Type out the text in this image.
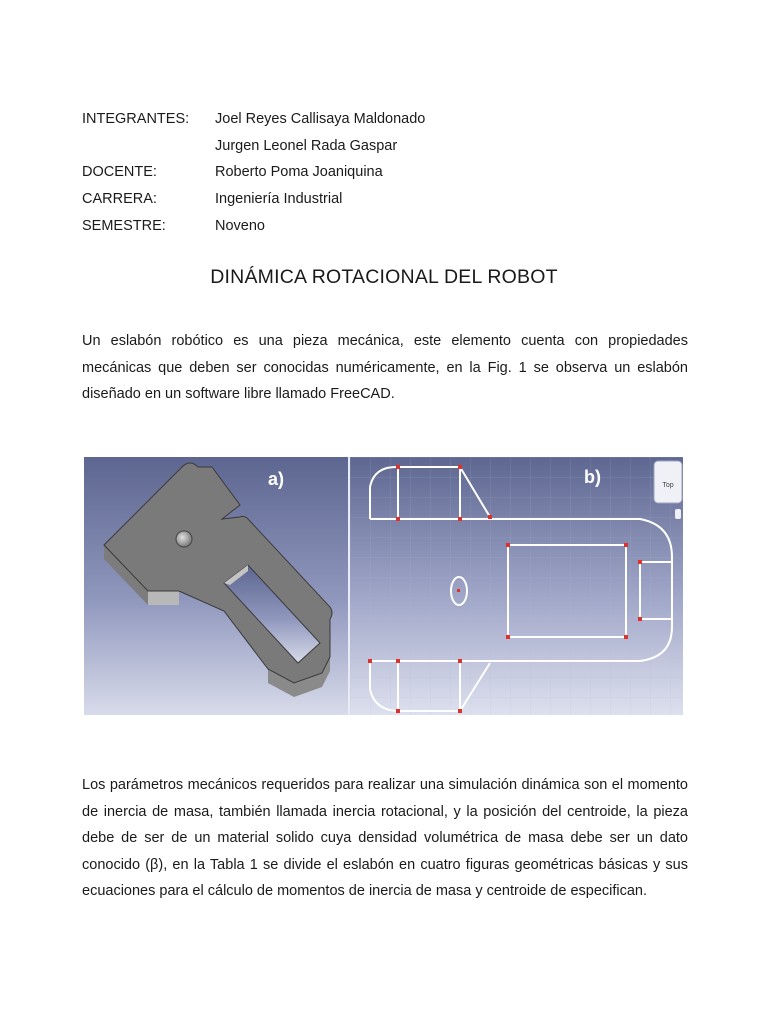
INTEGRANTES:	Joel Reyes Callisaya Maldonado
Jurgen Leonel Rada Gaspar
DOCENTE:	Roberto Poma Joaniquina
CARRERA:	Ingeniería Industrial
SEMESTRE:	Noveno
DINÁMICA ROTACIONAL DEL ROBOT

Un eslabón robótico es una pieza mecánica, este elemento cuenta con propiedades mecánicas que deben ser conocidas numéricamente, en la Fig. 1 se observa un eslabón diseñado en un software libre llamado FreeCAD.

a)	b)	Top

Los parámetros mecánicos requeridos para realizar una simulación dinámica son el momento de inercia de masa, también llamada inercia rotacional, y la posición del centroide, la pieza debe de ser de un material solido cuya densidad volumétrica de masa debe ser un dato conocido (β), en la Tabla 1 se divide el eslabón en cuatro figuras geométricas básicas y sus ecuaciones para el cálculo de momentos de inercia de masa y centroide de especifican.
